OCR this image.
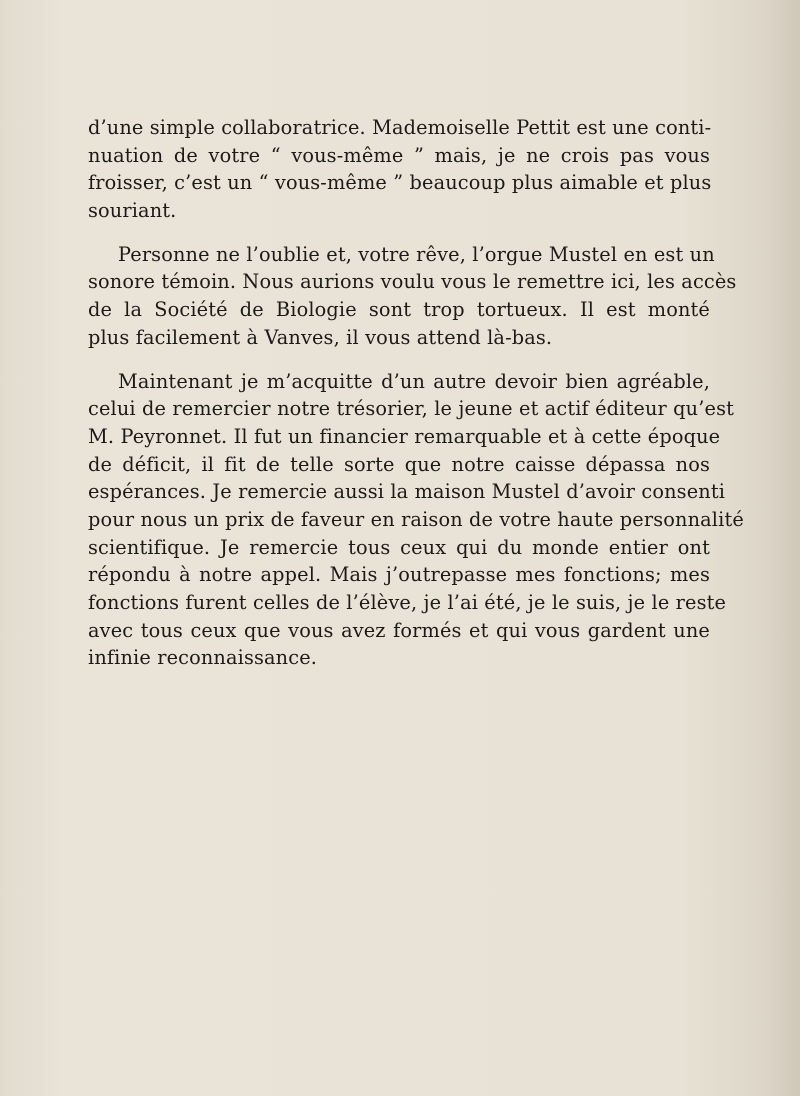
d’une simple collaboratrice. Mademoiselle Pettit est une conti-
nuation de votre “ vous-même ” mais, je ne crois pas vous
froisser, c’est un “ vous-même ” beaucoup plus aimable et plus
souriant.
Personne ne l’oublie et, votre rêve, l’orgue Mustel en est un
sonore témoin. Nous aurions voulu vous le remettre ici, les accès
de la Société de Biologie sont trop tortueux. Il est monté
plus facilement à Vanves, il vous attend là-bas.
Maintenant je m’acquitte d’un autre devoir bien agréable,
celui de remercier notre trésorier, le jeune et actif éditeur qu’est
M. Peyronnet. Il fut un financier remarquable et à cette époque
de déficit, il fit de telle sorte que notre caisse dépassa nos
espérances. Je remercie aussi la maison Mustel d’avoir consenti
pour nous un prix de faveur en raison de votre haute personnalité
scientifique. Je remercie tous ceux qui du monde entier ont
répondu à notre appel. Mais j’outrepasse mes fonctions; mes
fonctions furent celles de l’élève, je l’ai été, je le suis, je le reste
avec tous ceux que vous avez formés et qui vous gardent une
infinie reconnaissance.
